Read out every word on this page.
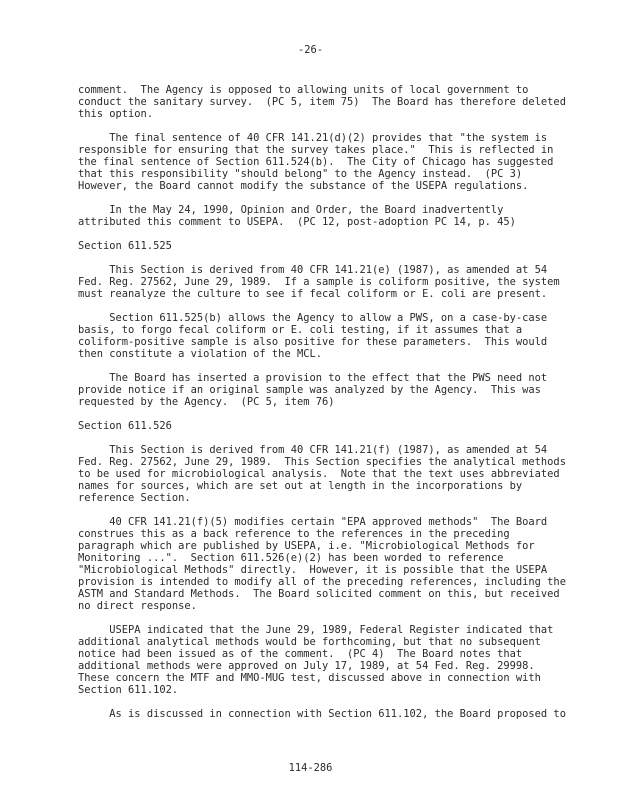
-26-

comment.  The Agency is opposed to allowing units of local government to
conduct the sanitary survey.  (PC 5, item 75)  The Board has therefore deleted
this option.

The final sentence of 40 CFR 141.21(d)(2) provides that "the system is
responsible for ensuring that the survey takes place."  This is reflected in
the final sentence of Section 611.524(b).  The City of Chicago has suggested
that this responsibility "should belong" to the Agency instead.  (PC 3)
However, the Board cannot modify the substance of the USEPA regulations.

In the May 24, 1990, Opinion and Order, the Board inadvertently
attributed this comment to USEPA.  (PC 12, post-adoption PC 14, p. 45)

Section 611.525

This Section is derived from 40 CFR 141.21(e) (1987), as amended at 54
Fed. Reg. 27562, June 29, 1989.  If a sample is coliform positive, the system
must reanalyze the culture to see if fecal coliform or E. coli are present.

Section 611.525(b) allows the Agency to allow a PWS, on a case-by-case
basis, to forgo fecal coliform or E. coli testing, if it assumes that a
coliform-positive sample is also positive for these parameters.  This would
then constitute a violation of the MCL.

The Board has inserted a provision to the effect that the PWS need not
provide notice if an original sample was analyzed by the Agency.  This was
requested by the Agency.  (PC 5, item 76)

Section 611.526

This Section is derived from 40 CFR 141.21(f) (1987), as amended at 54
Fed. Reg. 27562, June 29, 1989.  This Section specifies the analytical methods
to be used for microbiological analysis.  Note that the text uses abbreviated
names for sources, which are set out at length in the incorporations by
reference Section.

40 CFR 141.21(f)(5) modifies certain "EPA approved methods"  The Board
construes this as a back reference to the references in the preceding
paragraph which are published by USEPA, i.e. "Microbiological Methods for
Monitoring ...".  Section 611.526(e)(2) has been worded to reference
"Microbiological Methods" directly.  However, it is possible that the USEPA
provision is intended to modify all of the preceding references, including the
ASTM and Standard Methods.  The Board solicited comment on this, but received
no direct response.

USEPA indicated that the June 29, 1989, Federal Register indicated that
additional analytical methods would be forthcoming, but that no subsequent
notice had been issued as of the comment.  (PC 4)  The Board notes that
additional methods were approved on July 17, 1989, at 54 Fed. Reg. 29998.
These concern the MTF and MMO-MUG test, discussed above in connection with
Section 611.102.

As is discussed in connection with Section 611.102, the Board proposed to

114-286
